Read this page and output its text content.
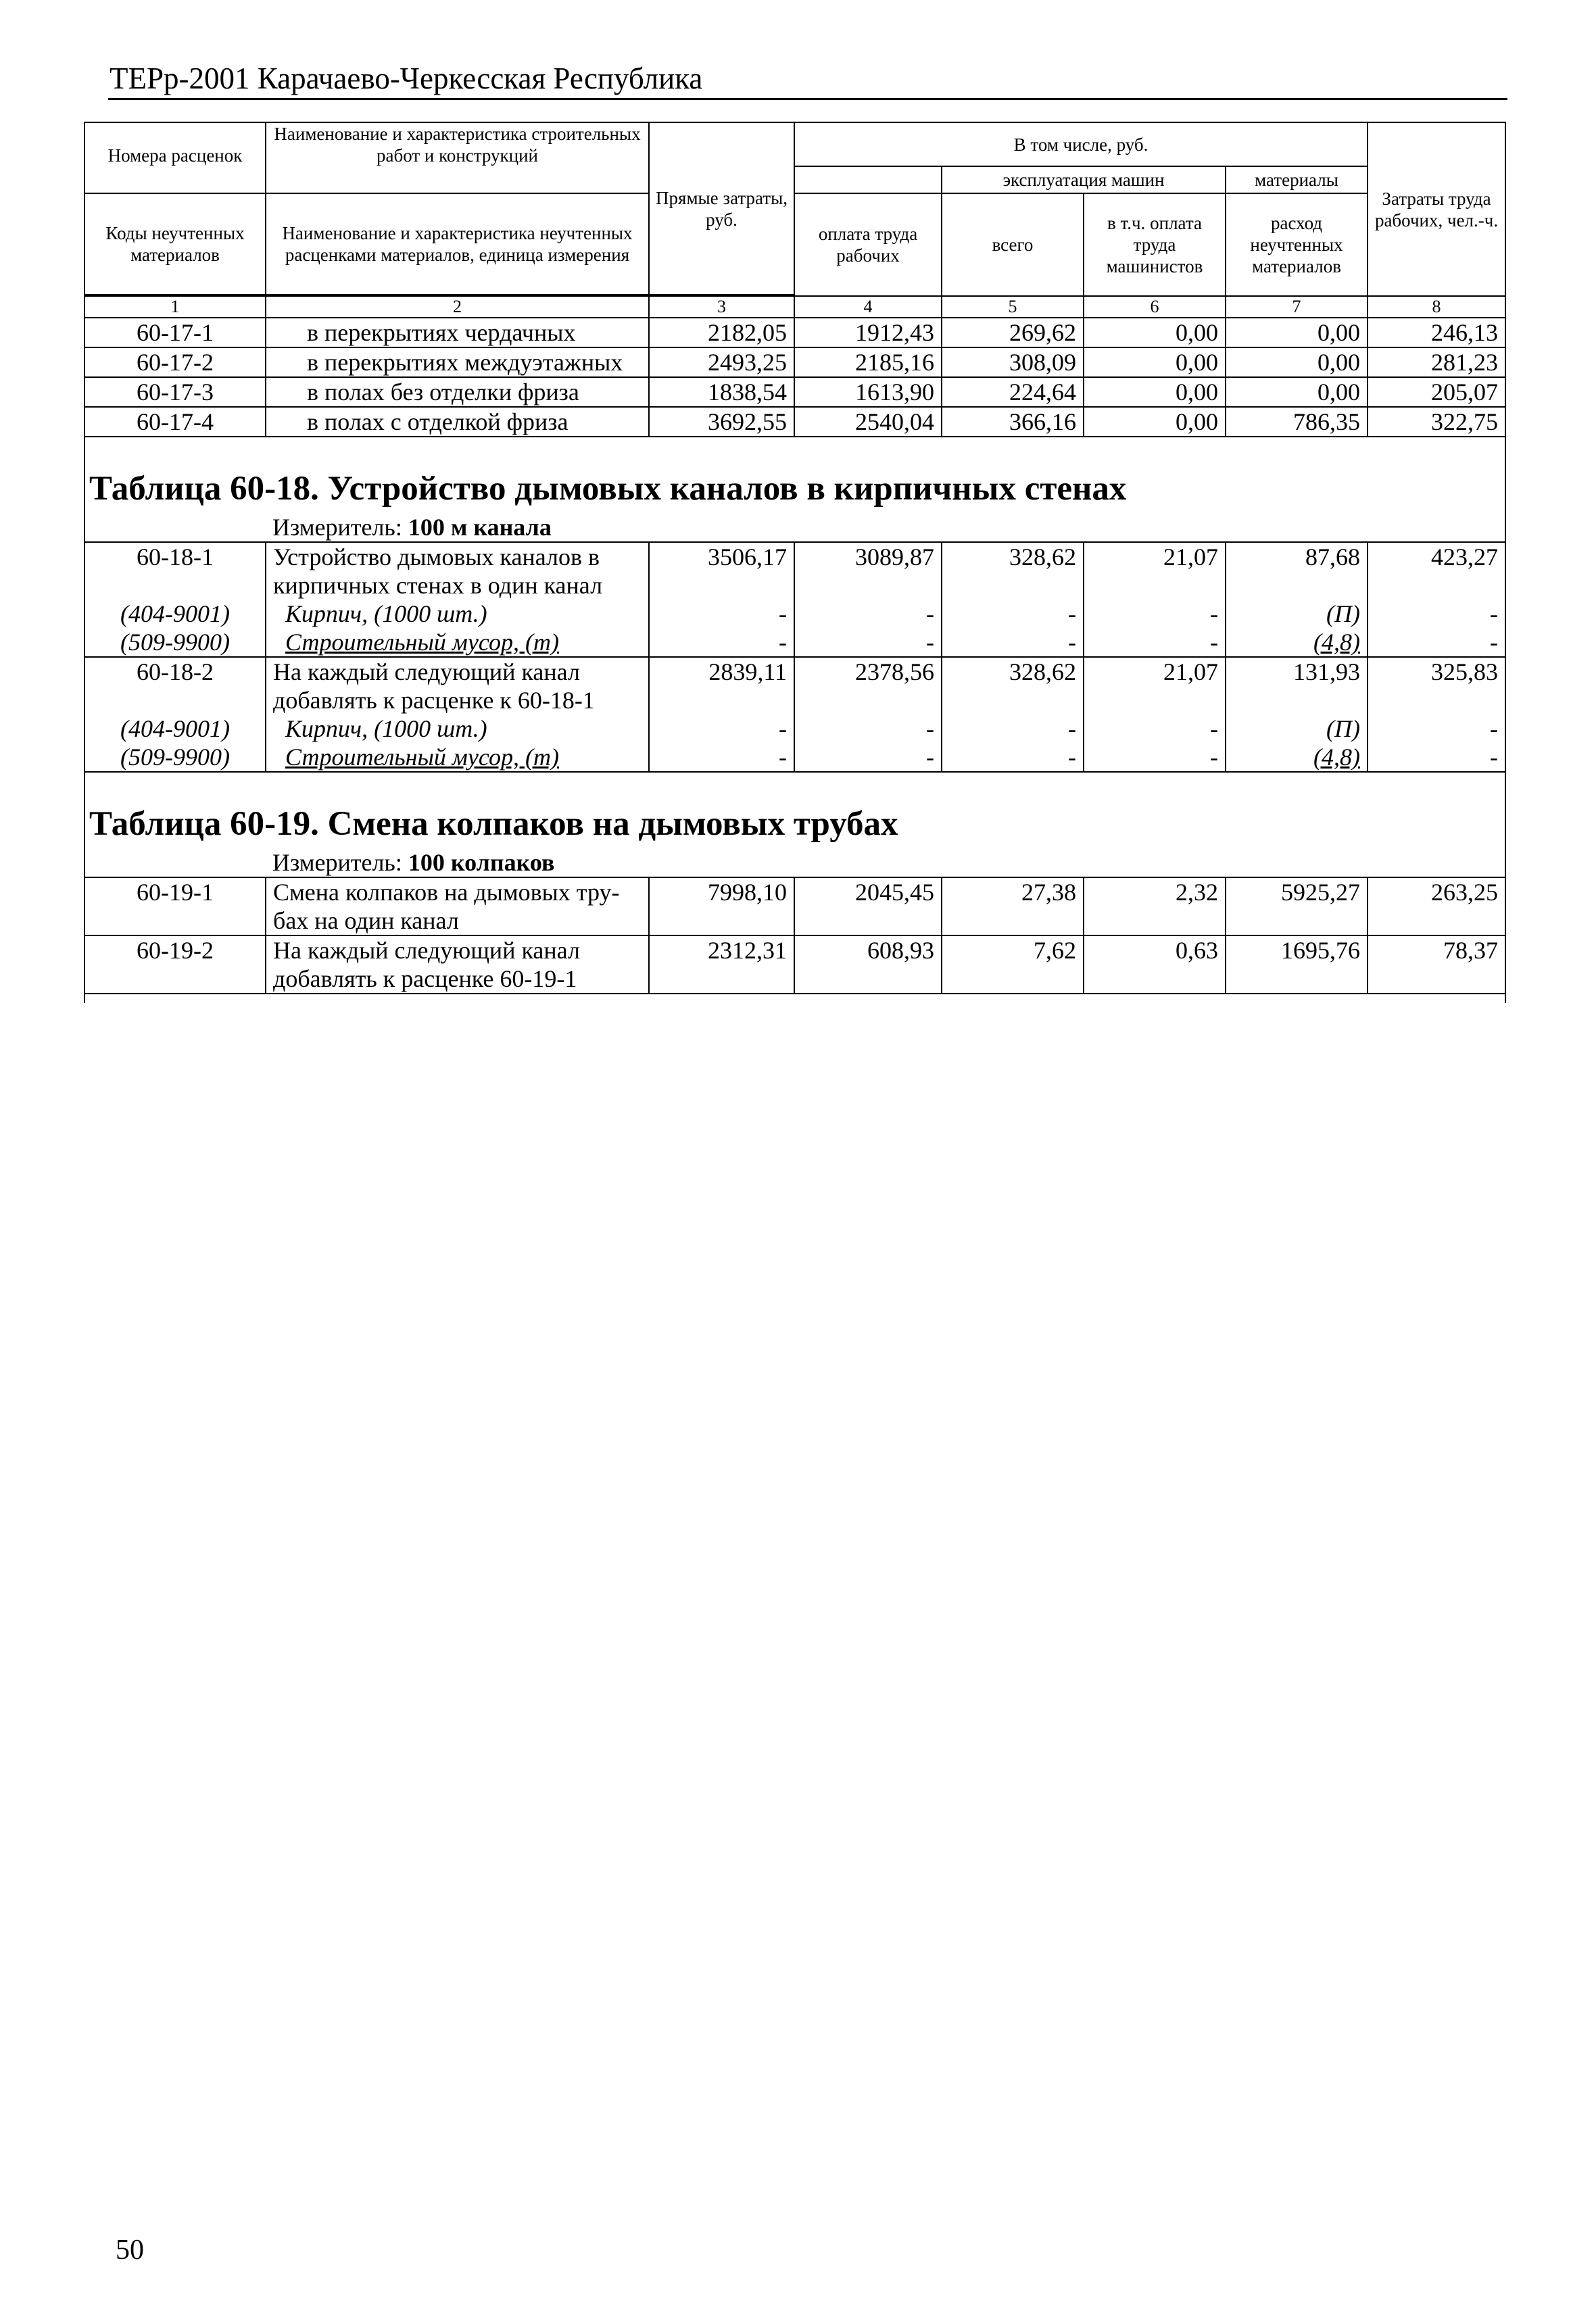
ТЕРр-2001 Карачаево-Черкесская Республика
Номера расценок	Наименование и характеристика строительных работ и конструкций	Прямые затраты, руб.	В том числе, руб.				Затраты труда рабочих, чел.-ч.
				эксплуатация машин		материалы	
Коды неучтенных материалов	Наименование и характеристика неучтенных расценками материалов, единица измерения		оплата труда рабочих	всего	в т.ч. оплата труда машинистов	расход неучтенных материалов	

1	2	3	4	5	6	7	8
60-17-1	в перекрытиях чердачных	2182,05	1912,43	269,62	0,00	0,00	246,13
60-17-2	в перекрытиях междуэтажных	2493,25	2185,16	308,09	0,00	0,00	281,23
60-17-3	в полах без отделки фриза	1838,54	1613,90	224,64	0,00	0,00	205,07
60-17-4	в полах с отделкой фриза	3692,55	2540,04	366,16	0,00	786,35	322,75
Таблица 60-18. Устройство дымовых каналов в кирпичных стенах							
	Измеритель: 100 м канала						
60-18-1	Устройство дымовых каналов в	3506,17	3089,87	328,62	21,07	87,68	423,27
	кирпичных стенах в один канал						
(404-9001)	Кирпич, (1000 шт.)	-	-	-	-	(П)	-
(509-9900)	Строительный мусор, (т)	-	-	-	-	(4,8)	-
60-18-2	На каждый следующий канал	2839,11	2378,56	328,62	21,07	131,93	325,83
	добавлять к расценке к 60-18-1						
(404-9001)	Кирпич, (1000 шт.)	-	-	-	-	(П)	-
(509-9900)	Строительный мусор, (т)	-	-	-	-	(4,8)	-
Таблица 60-19. Смена колпаков на дымовых трубах							
	Измеритель: 100 колпаков						
60-19-1	Смена колпаков на дымовых тру-	7998,10	2045,45	27,38	2,32	5925,27	263,25
	бах на один канал						
60-19-2	На каждый следующий канал	2312,31	608,93	7,62	0,63	1695,76	78,37
	добавлять к расценке 60-19-1						

50
